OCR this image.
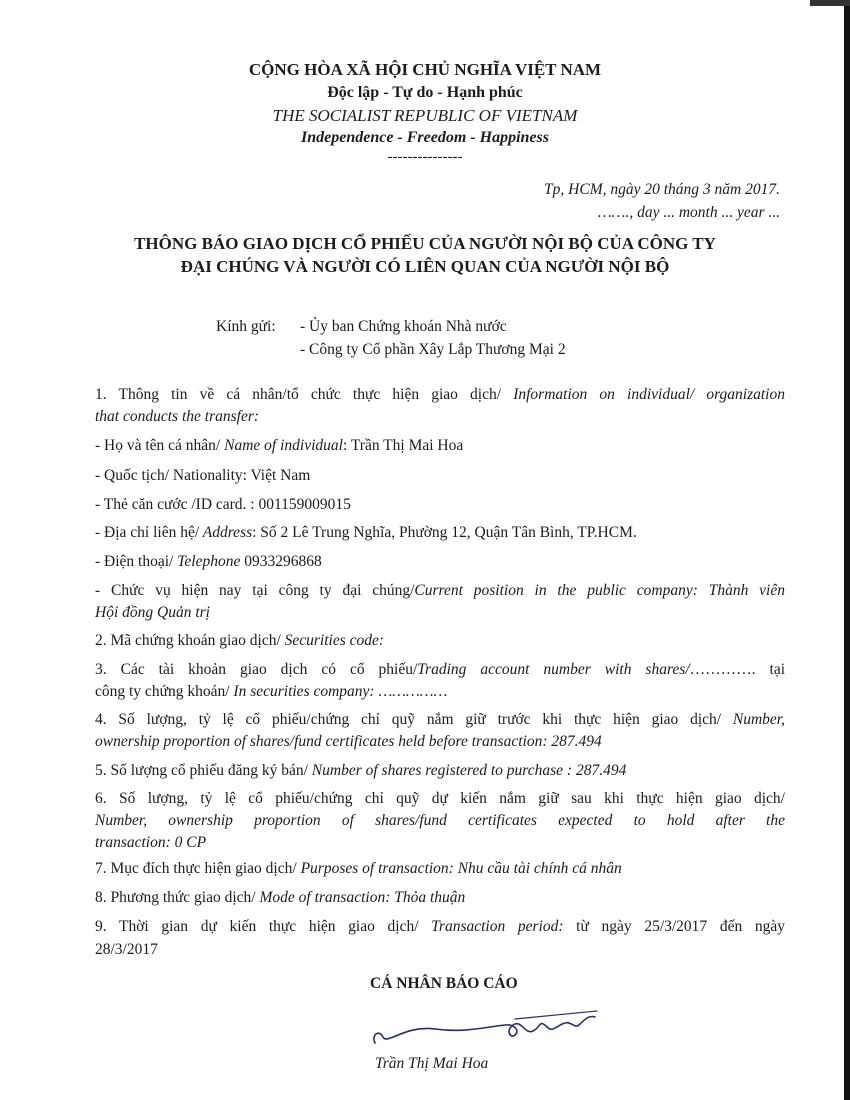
CỘNG HÒA XÃ HỘI CHỦ NGHĨA VIỆT NAM
Độc lập - Tự do - Hạnh phúc
THE SOCIALIST REPUBLIC OF VIETNAM
Independence - Freedom - Happiness
---------------
Tp, HCM, ngày 20 tháng 3 năm 2017.
……., day ... month ... year ...
THÔNG BÁO GIAO DỊCH CỔ PHIẾU CỦA NGƯỜI NỘI BỘ CỦA CÔNG TY
ĐẠI CHÚNG VÀ NGƯỜI CÓ LIÊN QUAN CỦA NGƯỜI NỘI BỘ
Kính gửi: - Ủy ban Chứng khoán Nhà nước
- Công ty Cổ phần Xây Lắp Thương Mại 2
1. Thông tin về cá nhân/tổ chức thực hiện giao dịch/ Information on individual/ organization
that conducts the transfer:
- Họ và tên cá nhân/ Name of individual: Trần Thị Mai Hoa
- Quốc tịch/ Nationality: Việt Nam
- Thẻ căn cước /ID card. : 001159009015
- Địa chỉ liên hệ/ Address: Số 2 Lê Trung Nghĩa, Phường 12, Quận Tân Bình, TP.HCM.
- Điện thoại/ Telephone 0933296868
- Chức vụ hiện nay tại công ty đại chúng/Current position in the public company: Thành viên
Hội đồng Quản trị
2. Mã chứng khoán giao dịch/ Securities code:
3. Các tài khoản giao dịch có cổ phiếu/Trading account number with shares/…………. tại
công ty chứng khoán/ In securities company: ……………
4. Số lượng, tỷ lệ cổ phiếu/chứng chỉ quỹ nắm giữ trước khi thực hiện giao dịch/ Number,
ownership proportion of shares/fund certificates held before transaction: 287.494
5. Số lượng cổ phiếu đăng ký bán/ Number of shares registered to purchase : 287.494
6. Số lượng, tỷ lệ cổ phiếu/chứng chỉ quỹ dự kiến nắm giữ sau khi thực hiện giao dịch/
Number, ownership proportion of shares/fund certificates expected to hold after the
transaction: 0 CP
7. Mục đích thực hiện giao dịch/ Purposes of transaction: Nhu cầu tài chính cá nhân
8. Phương thức giao dịch/ Mode of transaction: Thỏa thuận
9. Thời gian dự kiến thực hiện giao dịch/ Transaction period: từ ngày 25/3/2017 đến ngày
28/3/2017
CÁ NHÂN BÁO CÁO
Trần Thị Mai Hoa
